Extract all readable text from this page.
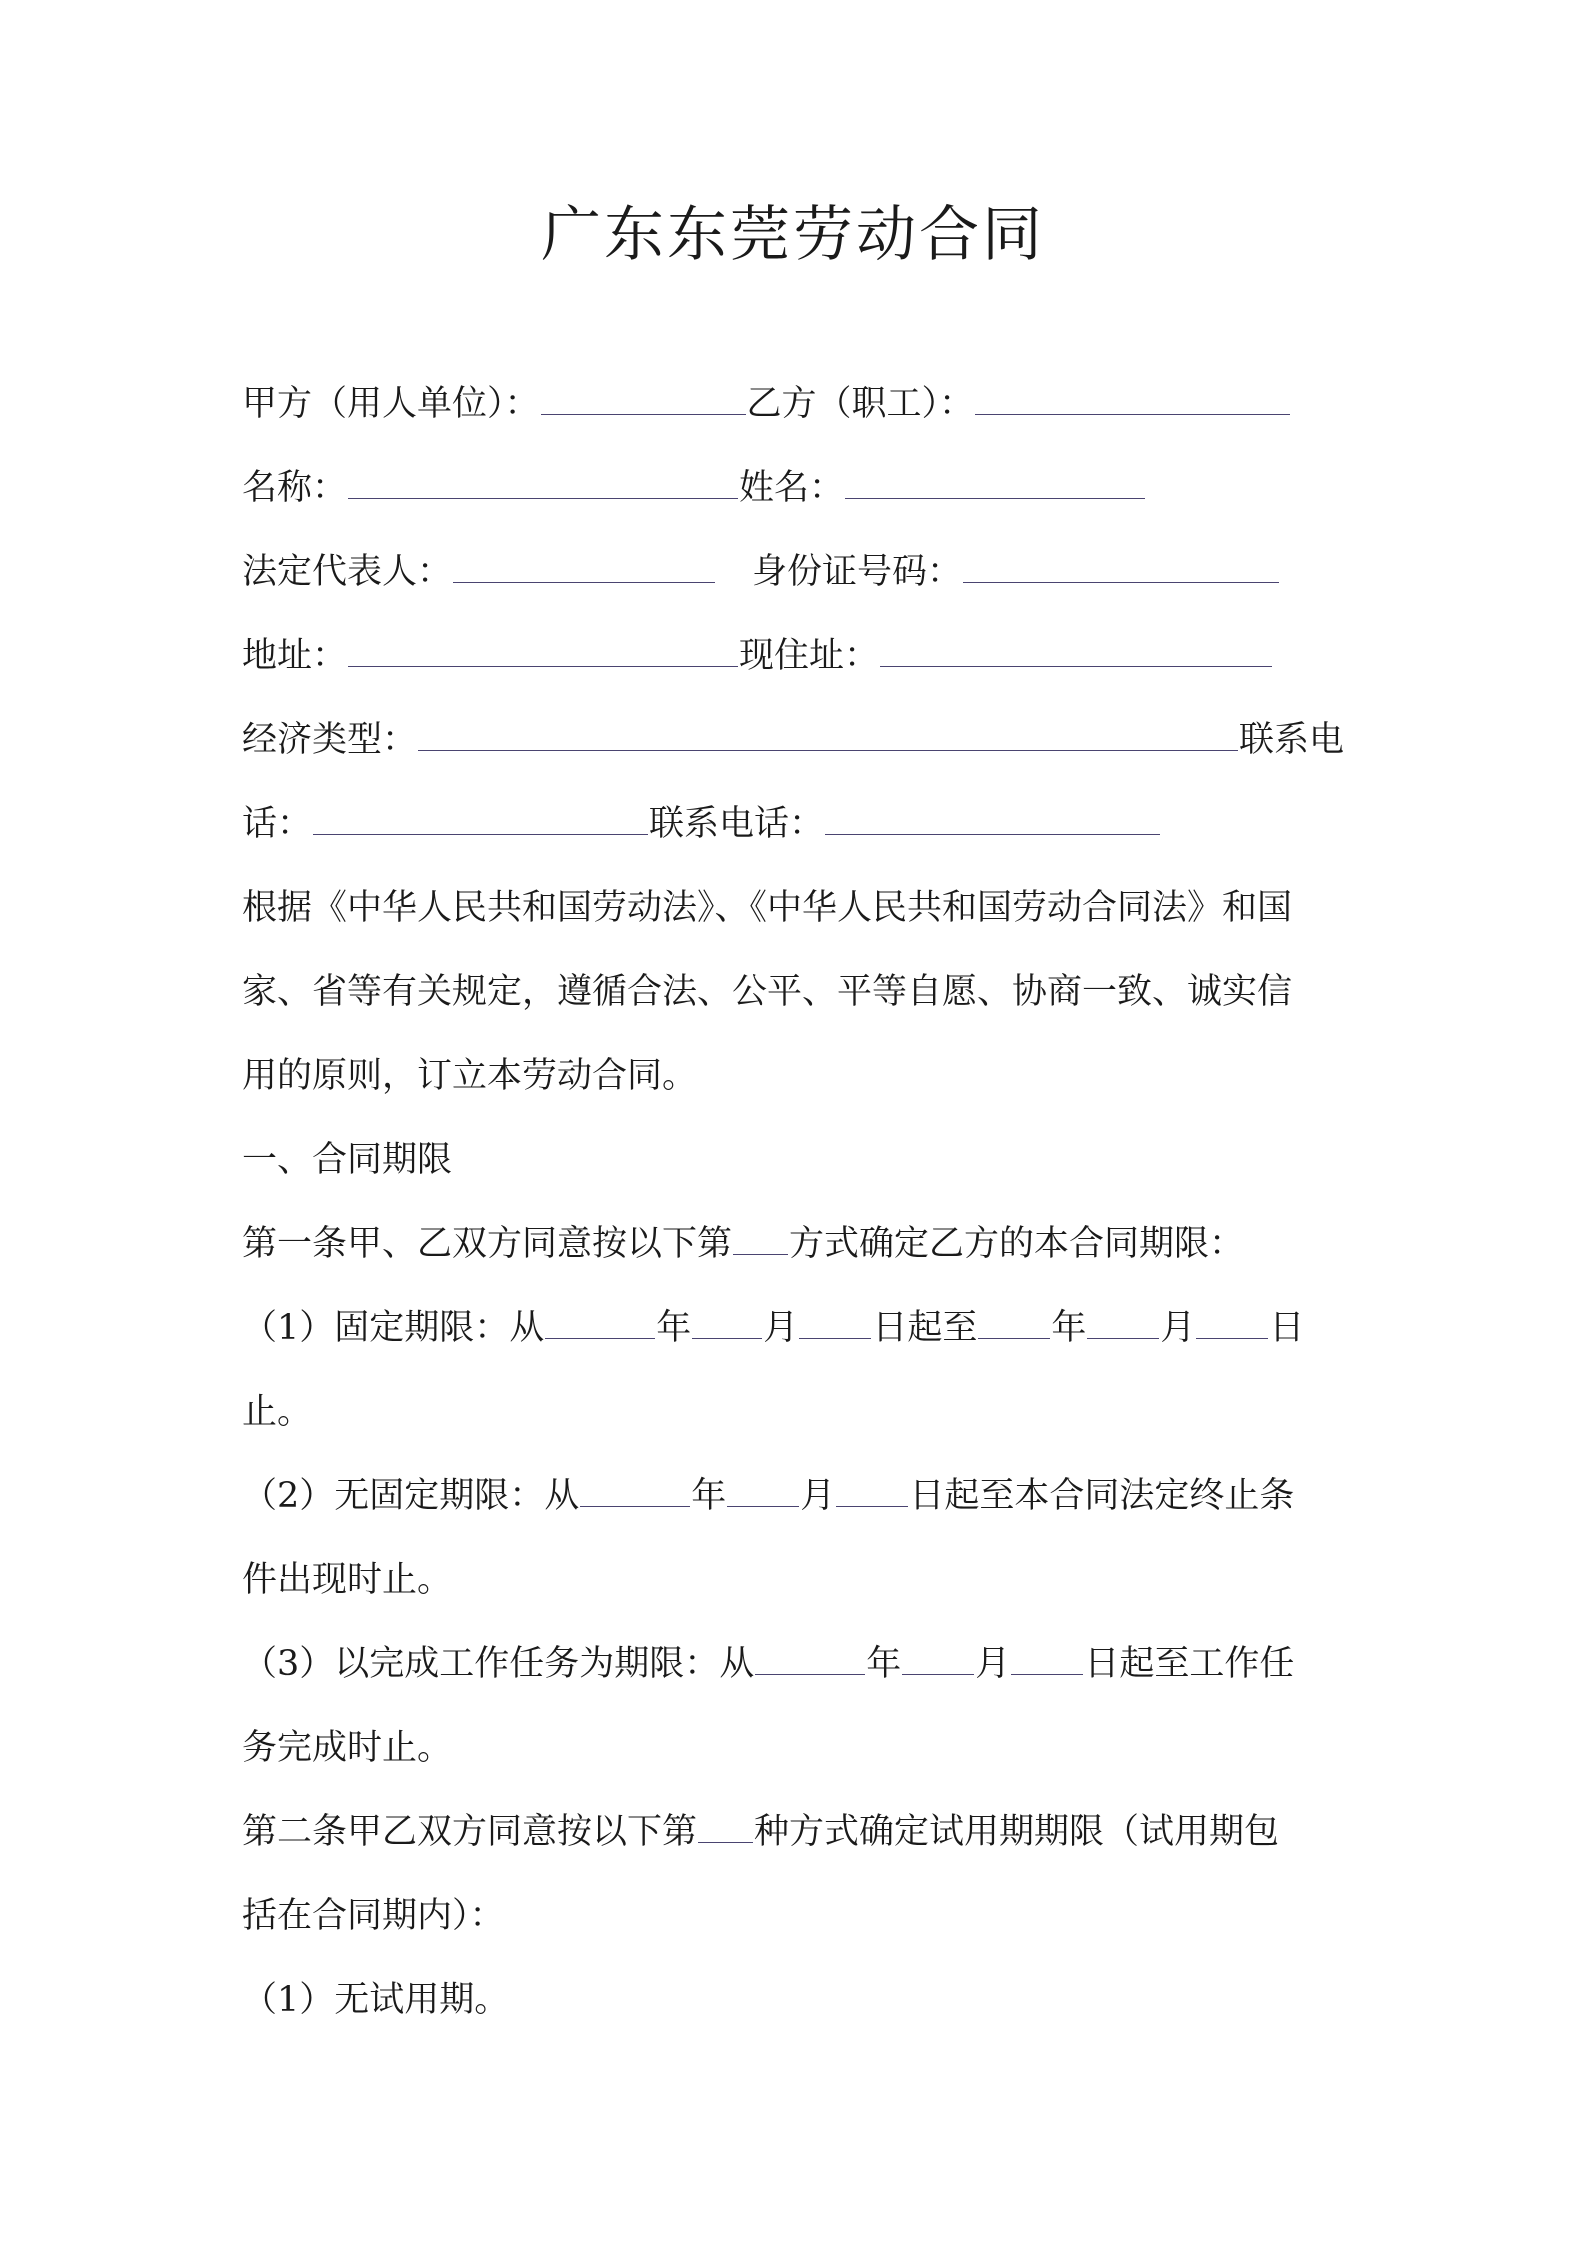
广东东莞劳动合同
甲方（用人单位）：	乙方（职工）：
名称：	姓名：
法定代表人：	身份证号码：
地址：	现住址：
经济类型：	联系电
话：	联系电话：
根据《中华人民共和国劳动法》、《中华人民共和国劳动合同法》和国
家、省等有关规定，遵循合法、公平、平等自愿、协商一致、诚实信
用的原则，订立本劳动合同。
一、合同期限
第一条甲、乙双方同意按以下第 方式确定乙方的本合同期限：
（1）固定期限：从	年 月 日起至 年 月 日
止。
（2）无固定期限：从	年 月 日起至本合同法定终止条
件出现时止。
（3）以完成工作任务为期限：从	年 月 日起至工作任
务完成时止。
第二条甲乙双方同意按以下第 种方式确定试用期期限（试用期包
括在合同期内）：
（1）无试用期。
